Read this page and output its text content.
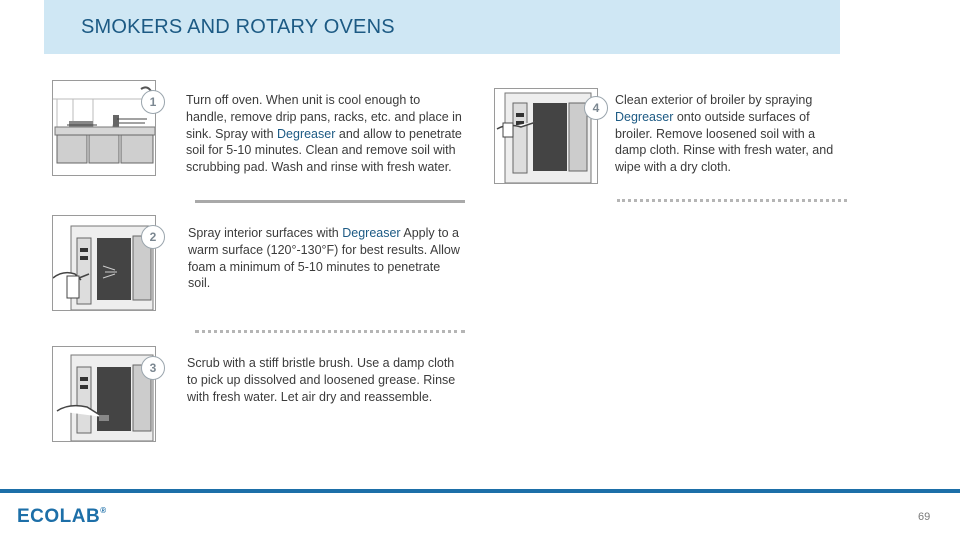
SMOKERS AND ROTARY OVENS
1	Turn off oven. When unit is cool enough to handle, remove drip pans, racks, etc. and place in sink. Spray with Degreaser and allow to penetrate soil for 5-10 minutes. Clean and remove soil with scrubbing pad. Wash and rinse with fresh water.
2	Spray interior surfaces with Degreaser Apply to a warm surface (120°-130°F) for best results. Allow foam a minimum of 5-10 minutes to penetrate soil.
3	Scrub with a stiff bristle brush. Use a damp cloth to pick up dissolved and loosened grease. Rinse with fresh water. Let air dry and reassemble.
4
Clean exterior of broiler by spraying Degreaser onto outside surfaces of broiler. Remove loosened soil with a damp cloth. Rinse with fresh water, and wipe with a dry cloth.
ECOLAB®
69
